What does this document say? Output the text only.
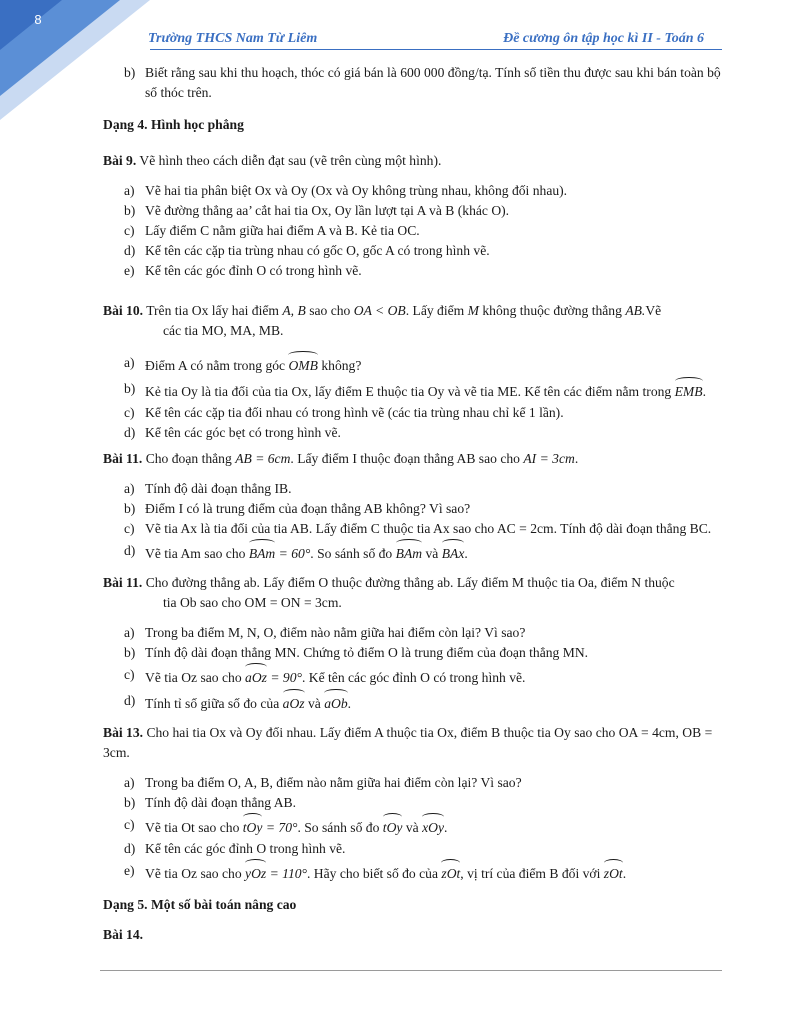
8
Trường THCS Nam Từ Liêm	Đề cương ôn tập học kì II - Toán 6
b) Biết rằng sau khi thu hoạch, thóc có giá bán là 600 000 đồng/tạ. Tính số tiền thu được sau khi bán toàn bộ số thóc trên.
Dạng 4. Hình học phẳng
Bài 9. Vẽ hình theo cách diễn đạt sau (vẽ trên cùng một hình).
a) Vẽ hai tia phân biệt Ox và Oy (Ox và Oy không trùng nhau, không đối nhau).
b) Vẽ đường thẳng aa’ cắt hai tia Ox, Oy lần lượt tại A và B (khác O).
c) Lấy điểm C nằm giữa hai điểm A và B. Kẻ tia OC.
d) Kể tên các cặp tia trùng nhau có gốc O, gốc A có trong hình vẽ.
e) Kể tên các góc đỉnh O có trong hình vẽ.
Bài 10. Trên tia Ox lấy hai điểm A, B sao cho OA < OB. Lấy điểm M không thuộc đường thẳng AB.Vẽ
các tia MO, MA, MB.
a) Điểm A có nằm trong góc OMB không?
b) Kẻ tia Oy là tia đối của tia Ox, lấy điểm E thuộc tia Oy và vẽ tia ME. Kể tên các điểm nằm trong EMB.
c) Kể tên các cặp tia đối nhau có trong hình vẽ (các tia trùng nhau chỉ kể 1 lần).
d) Kể tên các góc bẹt có trong hình vẽ.
Bài 11. Cho đoạn thẳng AB = 6cm. Lấy điểm I thuộc đoạn thẳng AB sao cho AI = 3cm.
a) Tính độ dài đoạn thẳng IB.
b) Điểm I có là trung điểm của đoạn thẳng AB không? Vì sao?
c) Vẽ tia Ax là tia đối của tia AB. Lấy điểm C thuộc tia Ax sao cho AC = 2cm. Tính độ dài đoạn thẳng BC.
d) Vẽ tia Am sao cho BAm = 60°. So sánh số đo BAm và BAx.
Bài 11. Cho đường thẳng ab. Lấy điểm O thuộc đường thẳng ab. Lấy điểm M thuộc tia Oa, điểm N thuộc
tia Ob sao cho OM = ON = 3cm.
a) Trong ba điểm M, N, O, điểm nào nằm giữa hai điểm còn lại? Vì sao?
b) Tính độ dài đoạn thẳng MN. Chứng tỏ điểm O là trung điểm của đoạn thẳng MN.
c) Vẽ tia Oz sao cho aOz = 90°. Kể tên các góc đỉnh O có trong hình vẽ.
d) Tính tỉ số giữa số đo của aOz và aOb.
Bài 13. Cho hai tia Ox và Oy đối nhau. Lấy điểm A thuộc tia Ox, điểm B thuộc tia Oy sao cho OA = 4cm, OB = 3cm.
a) Trong ba điểm O, A, B, điểm nào nằm giữa hai điểm còn lại? Vì sao?
b) Tính độ dài đoạn thẳng AB.
c) Vẽ tia Ot sao cho tOy = 70°. So sánh số đo tOy và xOy.
d) Kể tên các góc đỉnh O trong hình vẽ.
e) Vẽ tia Oz sao cho yOz = 110°. Hãy cho biết số đo của zOt, vị trí của điểm B đối với zOt.
Dạng 5. Một số bài toán nâng cao
Bài 14.
